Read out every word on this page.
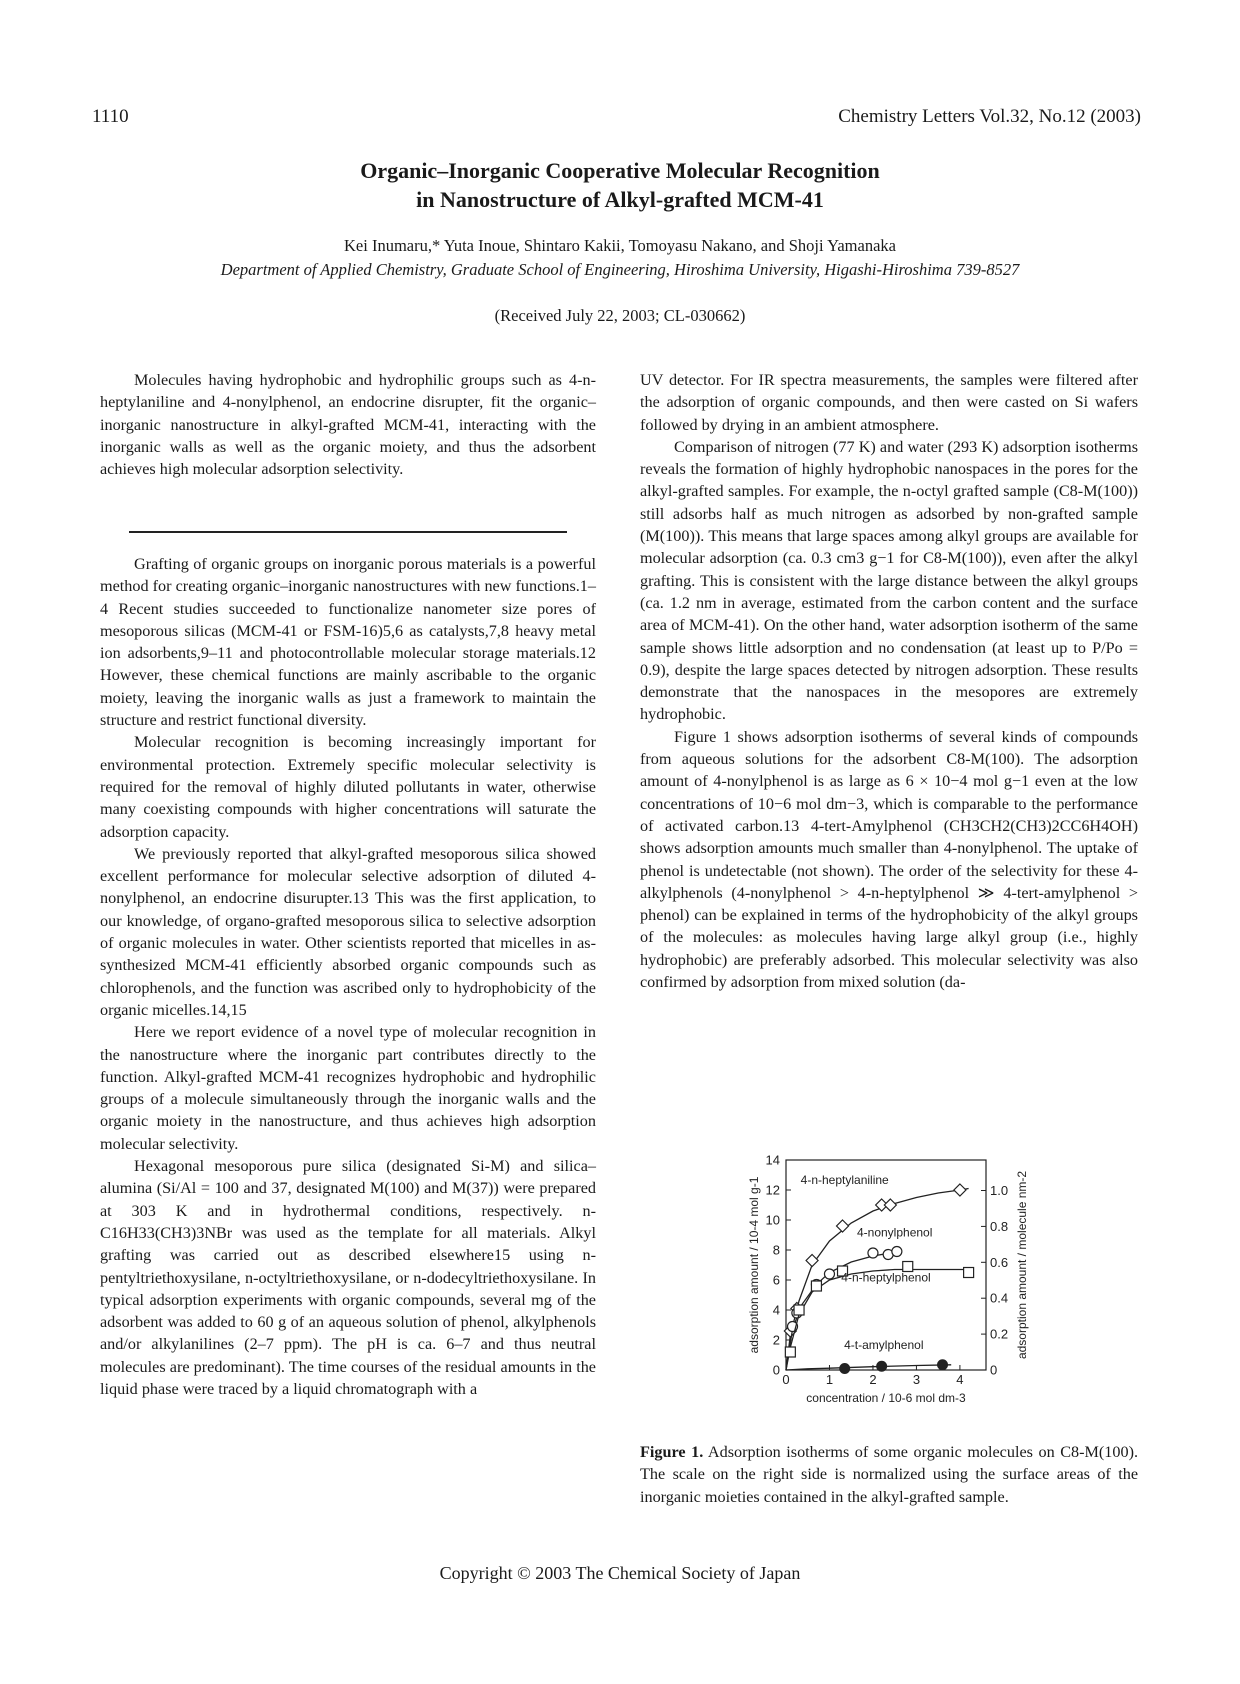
1110	Chemistry Letters Vol.32, No.12 (2003)
Organic–Inorganic Cooperative Molecular Recognition
in Nanostructure of Alkyl-grafted MCM-41
Kei Inumaru,* Yuta Inoue, Shintaro Kakii, Tomoyasu Nakano, and Shoji Yamanaka
Department of Applied Chemistry, Graduate School of Engineering, Hiroshima University, Higashi-Hiroshima 739-8527
(Received July 22, 2003; CL-030662)

Molecules having hydrophobic and hydrophilic groups such as 4-n-heptylaniline and 4-nonylphenol, an endocrine disrupter, fit the organic–inorganic nanostructure in alkyl-grafted MCM-41, interacting with the inorganic walls as well as the organic moiety, and thus the adsorbent achieves high molecular adsorption selectivity.

Grafting of organic groups on inorganic porous materials is a powerful method for creating organic–inorganic nanostructures with new functions.1–4 Recent studies succeeded to functionalize nanometer size pores of mesoporous silicas (MCM-41 or FSM-16)5,6 as catalysts,7,8 heavy metal ion adsorbents,9–11 and photocontrollable molecular storage materials.12 However, these chemical functions are mainly ascribable to the organic moiety, leaving the inorganic walls as just a framework to maintain the structure and restrict functional diversity.

Molecular recognition is becoming increasingly important for environmental protection. Extremely specific molecular selectivity is required for the removal of highly diluted pollutants in water, otherwise many coexisting compounds with higher concentrations will saturate the adsorption capacity.

We previously reported that alkyl-grafted mesoporous silica showed excellent performance for molecular selective adsorption of diluted 4-nonylphenol, an endocrine disurupter.13 This was the first application, to our knowledge, of organo-grafted mesoporous silica to selective adsorption of organic molecules in water. Other scientists reported that micelles in as-synthesized MCM-41 efficiently absorbed organic compounds such as chlorophenols, and the function was ascribed only to hydrophobicity of the organic micelles.14,15

Here we report evidence of a novel type of molecular recognition in the nanostructure where the inorganic part contributes directly to the function. Alkyl-grafted MCM-41 recognizes hydrophobic and hydrophilic groups of a molecule simultaneously through the inorganic walls and the organic moiety in the nanostructure, and thus achieves high adsorption molecular selectivity.

Hexagonal mesoporous pure silica (designated Si-M) and silica–alumina (Si/Al = 100 and 37, designated M(100) and M(37)) were prepared at 303 K and in hydrothermal conditions, respectively. n-C16H33(CH3)3NBr was used as the template for all materials. Alkyl grafting was carried out as described elsewhere15 using n-pentyltriethoxysilane, n-octyltriethoxysilane, or n-dodecyltriethoxysilane. In typical adsorption experiments with organic compounds, several mg of the adsorbent was added to 60 g of an aqueous solution of phenol, alkylphenols and/or alkylanilines (2–7 ppm). The pH is ca. 6–7 and thus neutral molecules are predominant). The time courses of the residual amounts in the liquid phase were traced by a liquid chromatograph with a

UV detector. For IR spectra measurements, the samples were filtered after the adsorption of organic compounds, and then were casted on Si wafers followed by drying in an ambient atmosphere.

Comparison of nitrogen (77 K) and water (293 K) adsorption isotherms reveals the formation of highly hydrophobic nanospaces in the pores for the alkyl-grafted samples. For example, the n-octyl grafted sample (C8-M(100)) still adsorbs half as much nitrogen as adsorbed by non-grafted sample (M(100)). This means that large spaces among alkyl groups are available for molecular adsorption (ca. 0.3 cm3 g−1 for C8-M(100)), even after the alkyl grafting. This is consistent with the large distance between the alkyl groups (ca. 1.2 nm in average, estimated from the carbon content and the surface area of MCM-41). On the other hand, water adsorption isotherm of the same sample shows little adsorption and no condensation (at least up to P/Po = 0.9), despite the large spaces detected by nitrogen adsorption. These results demonstrate that the nanospaces in the mesopores are extremely hydrophobic.

Figure 1 shows adsorption isotherms of several kinds of compounds from aqueous solutions for the adsorbent C8-M(100). The adsorption amount of 4-nonylphenol is as large as 6 × 10−4 mol g−1 even at the low concentrations of 10−6 mol dm−3, which is comparable to the performance of activated carbon.13 4-tert-Amylphenol (CH3CH2(CH3)2CC6H4OH) shows adsorption amounts much smaller than 4-nonylphenol. The uptake of phenol is undetectable (not shown). The order of the selectivity for these 4-alkylphenols (4-nonylphenol > 4-n-heptylphenol ≫ 4-tert-amylphenol > phenol) can be explained in terms of the hydrophobicity of the alkyl groups of the molecules: as molecules having large alkyl group (i.e., highly hydrophobic) are preferably adsorbed. This molecular selectivity was also confirmed by adsorption from mixed solution (da-

0	1	2	3	4
0
2
4
6
8
10
12
14
0
0.2
0.4
0.6
0.8
1.0
concentration / 10-6 mol dm-3
adsorption amount / 10-4 mol g-1	adsorption amount / molecule nm-2
4-n-heptylaniline
4-nonylphenol
4-n-heptylphenol
4-t-amylphenol
Figure 1. Adsorption isotherms of some organic molecules on C8-M(100). The scale on the right side is normalized using the surface areas of the inorganic moieties contained in the alkyl-grafted sample.
Copyright © 2003 The Chemical Society of Japan
